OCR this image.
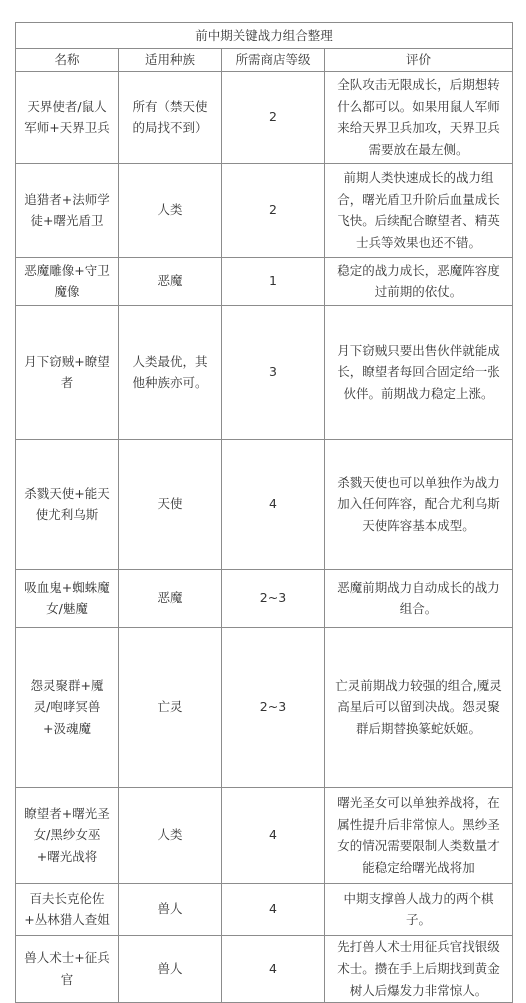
前中期关键战力组合整理			
名称	适用种族	所需商店等级	评价
天界使者/鼠人军师+天界卫兵	所有（禁天使的局找不到）	2	全队攻击无限成长，后期想转什么都可以。如果用鼠人军师来给天界卫兵加攻，天界卫兵需要放在最左侧。
追猎者+法师学徒+曙光盾卫	人类	2	前期人类快速成长的战力组合，曙光盾卫升阶后血量成长飞快。后续配合瞭望者、精英士兵等效果也还不错。
恶魔雕像+守卫魔像	恶魔	1	稳定的战力成长，恶魔阵容度过前期的依仗。
月下窃贼+瞭望者	人类最优，其他种族亦可。	3	月下窃贼只要出售伙伴就能成长，瞭望者每回合固定给一张伙伴。前期战力稳定上涨。
杀戮天使+能天使尤利乌斯	天使	4	杀戮天使也可以单独作为战力加入任何阵容，配合尤利乌斯天使阵容基本成型。
吸血鬼+蜘蛛魔女/魅魔	恶魔	2~3	恶魔前期战力自动成长的战力组合。
怨灵聚群+魇灵/咆哮冥兽+汲魂魔	亡灵	2~3	亡灵前期战力较强的组合,魇灵高星后可以留到决战。怨灵聚群后期替换篆蛇妖姬。
瞭望者+曙光圣女/黑纱女巫+曙光战将	人类	4	曙光圣女可以单独养战将，在属性提升后非常惊人。黑纱圣女的情况需要限制人类数量才能稳定给曙光战将加
百夫长克伦佐+丛林猎人查姐	兽人	4	中期支撑兽人战力的两个棋子。
兽人术士+征兵官	兽人	4	先打兽人术士用征兵官找银级术士。攒在手上后期找到黄金树人后爆发力非常惊人。
